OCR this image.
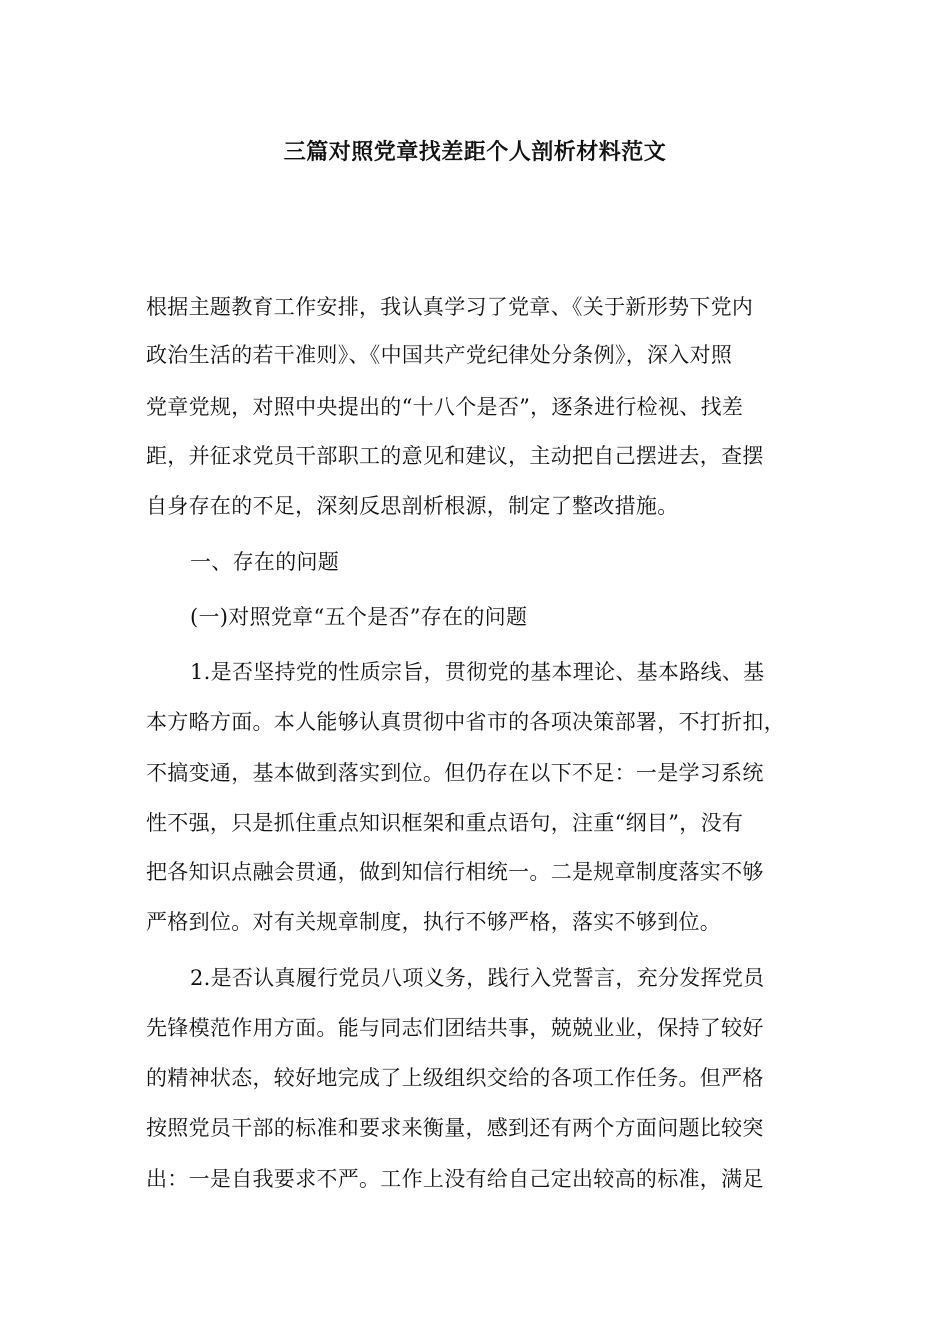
三篇对照党章找差距个人剖析材料范文
根据主题教育工作安排，我认真学习了党章、《关于新形势下党内
政治生活的若干准则》、《中国共产党纪律处分条例》，深入对照
党章党规，对照中央提出的“十八个是否”，逐条进行检视、找差
距，并征求党员干部职工的意见和建议，主动把自己摆进去，查摆
自身存在的不足，深刻反思剖析根源，制定了整改措施。
一、存在的问题
(一)对照党章“五个是否”存在的问题
1.是否坚持党的性质宗旨，贯彻党的基本理论、基本路线、基
本方略方面。本人能够认真贯彻中省市的各项决策部署，不打折扣，
不搞变通，基本做到落实到位。但仍存在以下不足：一是学习系统
性不强，只是抓住重点知识框架和重点语句，注重“纲目”，没有
把各知识点融会贯通，做到知信行相统一。二是规章制度落实不够
严格到位。对有关规章制度，执行不够严格，落实不够到位。
2.是否认真履行党员八项义务，践行入党誓言，充分发挥党员
先锋模范作用方面。能与同志们团结共事，兢兢业业，保持了较好
的精神状态，较好地完成了上级组织交给的各项工作任务。但严格
按照党员干部的标准和要求来衡量，感到还有两个方面问题比较突
出：一是自我要求不严。工作上没有给自己定出较高的标准，满足
